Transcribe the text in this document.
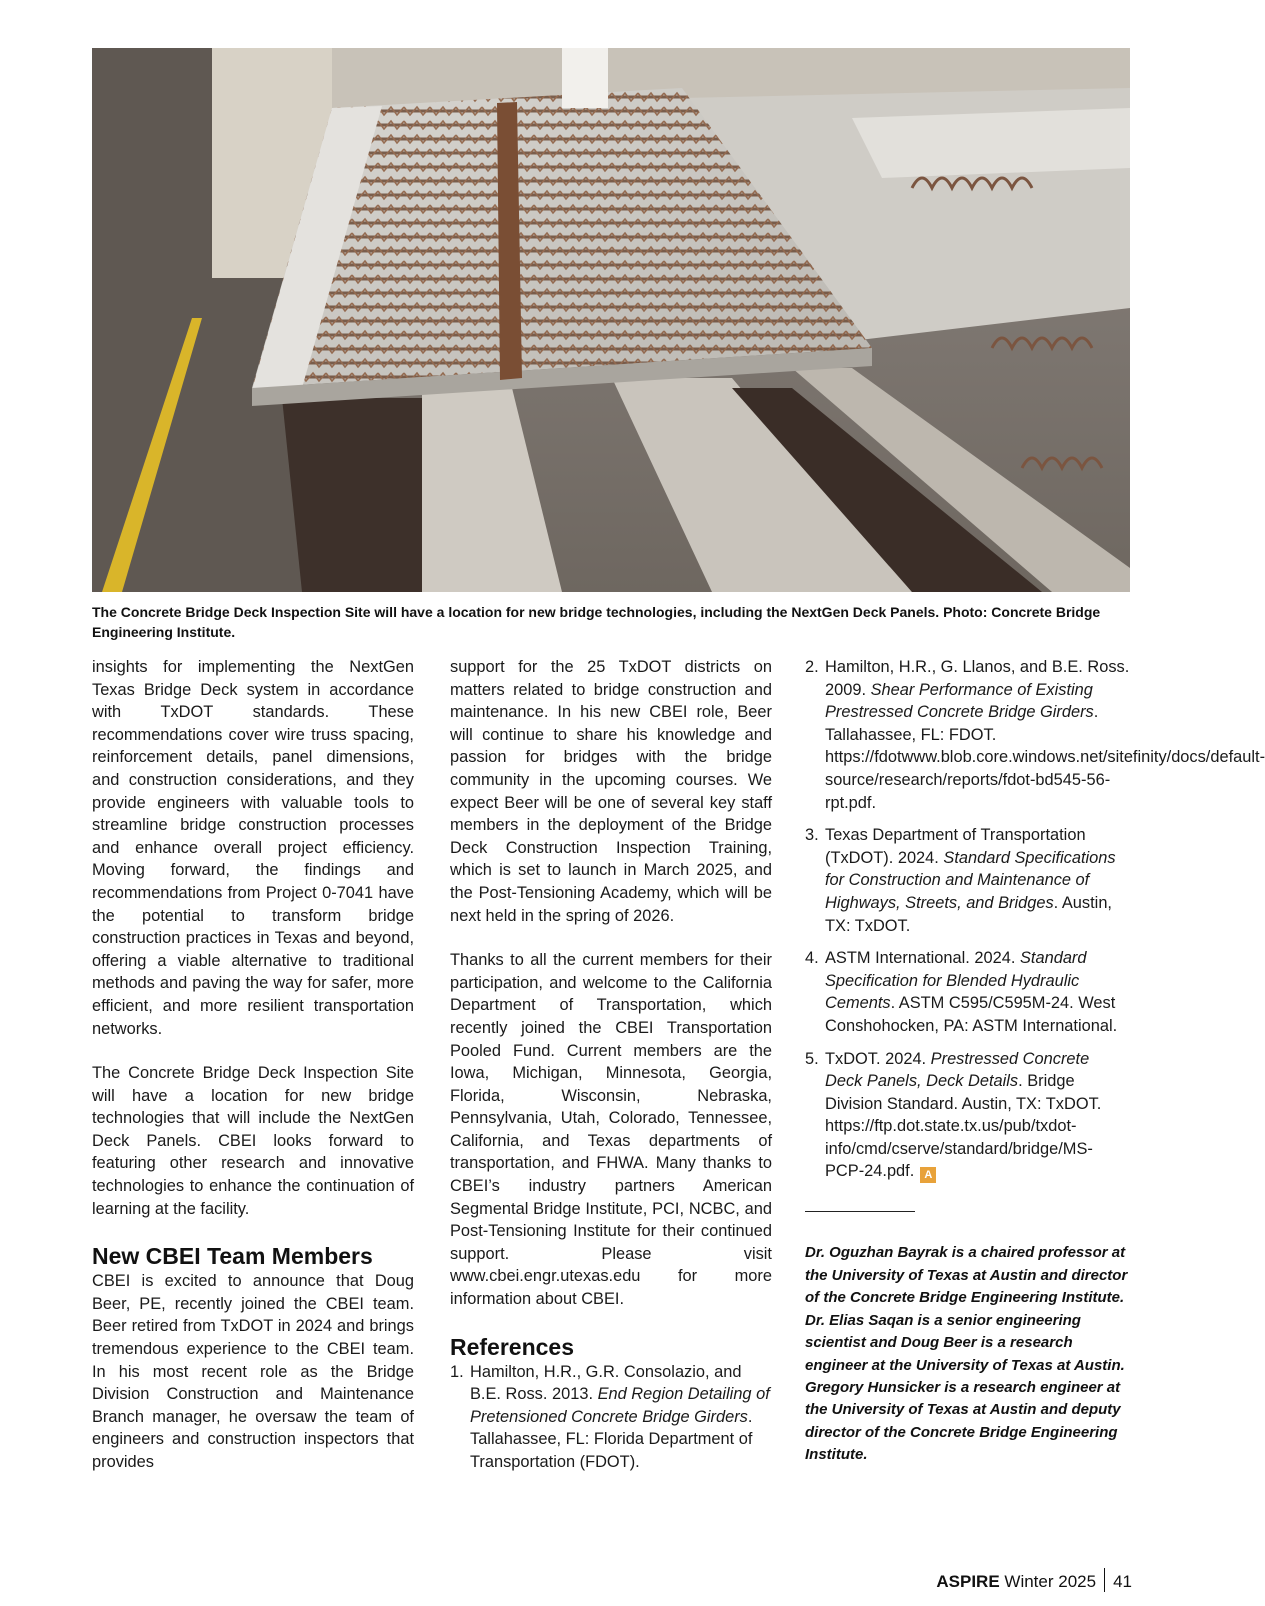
The Concrete Bridge Deck Inspection Site will have a location for new bridge technologies, including the NextGen Deck Panels. Photo: Concrete Bridge Engineering Institute.

insights for implementing the NextGen Texas Bridge Deck system in accordance with TxDOT standards. These recommendations cover wire truss spacing, reinforcement details, panel dimensions, and construction considerations, and they provide engineers with valuable tools to streamline bridge construction processes and enhance overall project efficiency. Moving forward, the findings and recommendations from Project 0-7041 have the potential to transform bridge construction practices in Texas and beyond, offering a viable alternative to traditional methods and paving the way for safer, more efficient, and more resilient transportation networks.

The Concrete Bridge Deck Inspection Site will have a location for new bridge technologies that will include the NextGen Deck Panels. CBEI looks forward to featuring other research and innovative technologies to enhance the continuation of learning at the facility.

New CBEI Team Members

CBEI is excited to announce that Doug Beer, PE, recently joined the CBEI team. Beer retired from TxDOT in 2024 and brings tremendous experience to the CBEI team. In his most recent role as the Bridge Division Construction and Maintenance Branch manager, he oversaw the team of engineers and construction inspectors that provides

support for the 25 TxDOT districts on matters related to bridge construction and maintenance. In his new CBEI role, Beer will continue to share his knowledge and passion for bridges with the bridge community in the upcoming courses. We expect Beer will be one of several key staff members in the deployment of the Bridge Deck Construction Inspection Training, which is set to launch in March 2025, and the Post-Tensioning Academy, which will be next held in the spring of 2026.

Thanks to all the current members for their participation, and welcome to the California Department of Transportation, which recently joined the CBEI Transportation Pooled Fund. Current members are the Iowa, Michigan, Minnesota, Georgia, Florida, Wisconsin, Nebraska, Pennsylvania, Utah, Colorado, Tennessee, California, and Texas departments of transportation, and FHWA. Many thanks to CBEI’s industry partners American Segmental Bridge Institute, PCI, NCBC, and Post-Tensioning Institute for their continued support. Please visit www.cbei.engr.utexas.edu for more information about CBEI.

References
1. Hamilton, H.R., G.R. Consolazio, and B.E. Ross. 2013. End Region Detailing of Pretensioned Concrete Bridge Girders. Tallahassee, FL: Florida Department of Transportation (FDOT).
2. Hamilton, H.R., G. Llanos, and B.E. Ross. 2009. Shear Performance of Existing Prestressed Concrete Bridge Girders. Tallahassee, FL: FDOT. https://fdotwww.blob.core.windows.net/sitefinity/docs/default-source/research/reports/fdot-bd545-56-rpt.pdf.
3. Texas Department of Transportation (TxDOT). 2024. Standard Specifications for Construction and Maintenance of Highways, Streets, and Bridges. Austin, TX: TxDOT.
4. ASTM International. 2024. Standard Specification for Blended Hydraulic Cements. ASTM C595/C595M-24. West Conshohocken, PA: ASTM International.
5. TxDOT. 2024. Prestressed Concrete Deck Panels, Deck Details. Bridge Division Standard. Austin, TX: TxDOT. https://ftp.dot.state.tx.us/pub/txdot-info/cmd/cserve/standard/bridge/MS-PCP-24.pdf. A
Dr. Oguzhan Bayrak is a chaired professor at the University of Texas at Austin and director of the Concrete Bridge Engineering Institute. Dr. Elias Saqan is a senior engineering scientist and Doug Beer is a research engineer at the University of Texas at Austin. Gregory Hunsicker is a research engineer at the University of Texas at Austin and deputy director of the Concrete Bridge Engineering Institute.
ASPIRE Winter 2025 41
